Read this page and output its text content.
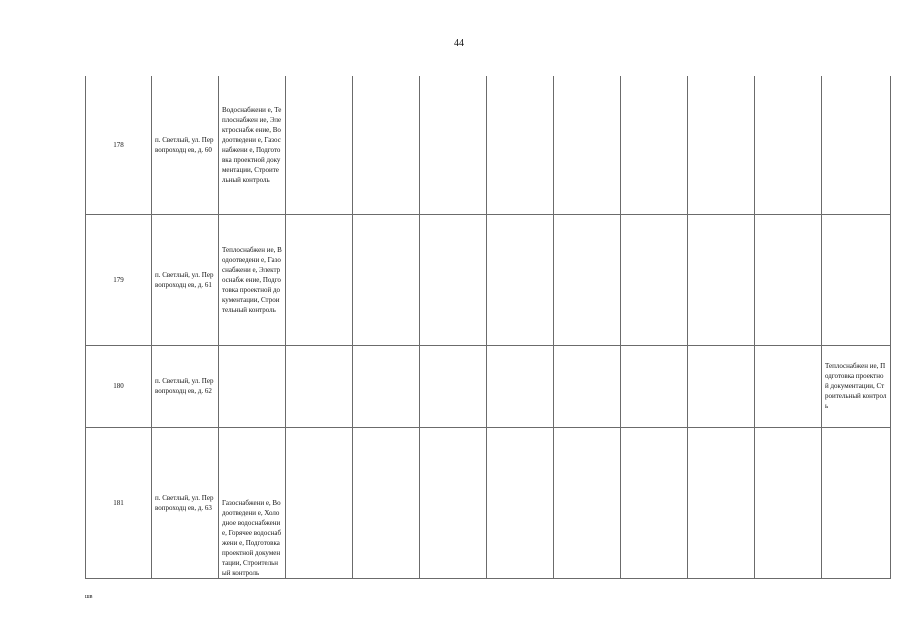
44
178	п. Светлый, ул. Первопроходц ев, д. 60	Водоснабжени е, Теплоснабжен ие, Электроснабж ение, Водоотведени е, Газоснабжени е, Подготовка проектной документации, Строительный контроль									
179	п. Светлый, ул. Первопроходц ев, д. 61	Теплоснабжен ие, Водоотведени е, Газоснабжени е, Электроснабж ение, Подготовка проектной документации, Строительный контроль									
180	п. Светлый, ул. Первопроходц ев, д. 62										Теплоснабжен ие, Подготовка проектной документации, Строительный контроль
181	п. Светлый, ул. Первопроходц ев, д. 63	Газоснабжени е, Водоотведени е, Холодное водоснабжени е, Горячее водоснабжени е, Подготовка проектной документации, Строительный контроль									
шв
